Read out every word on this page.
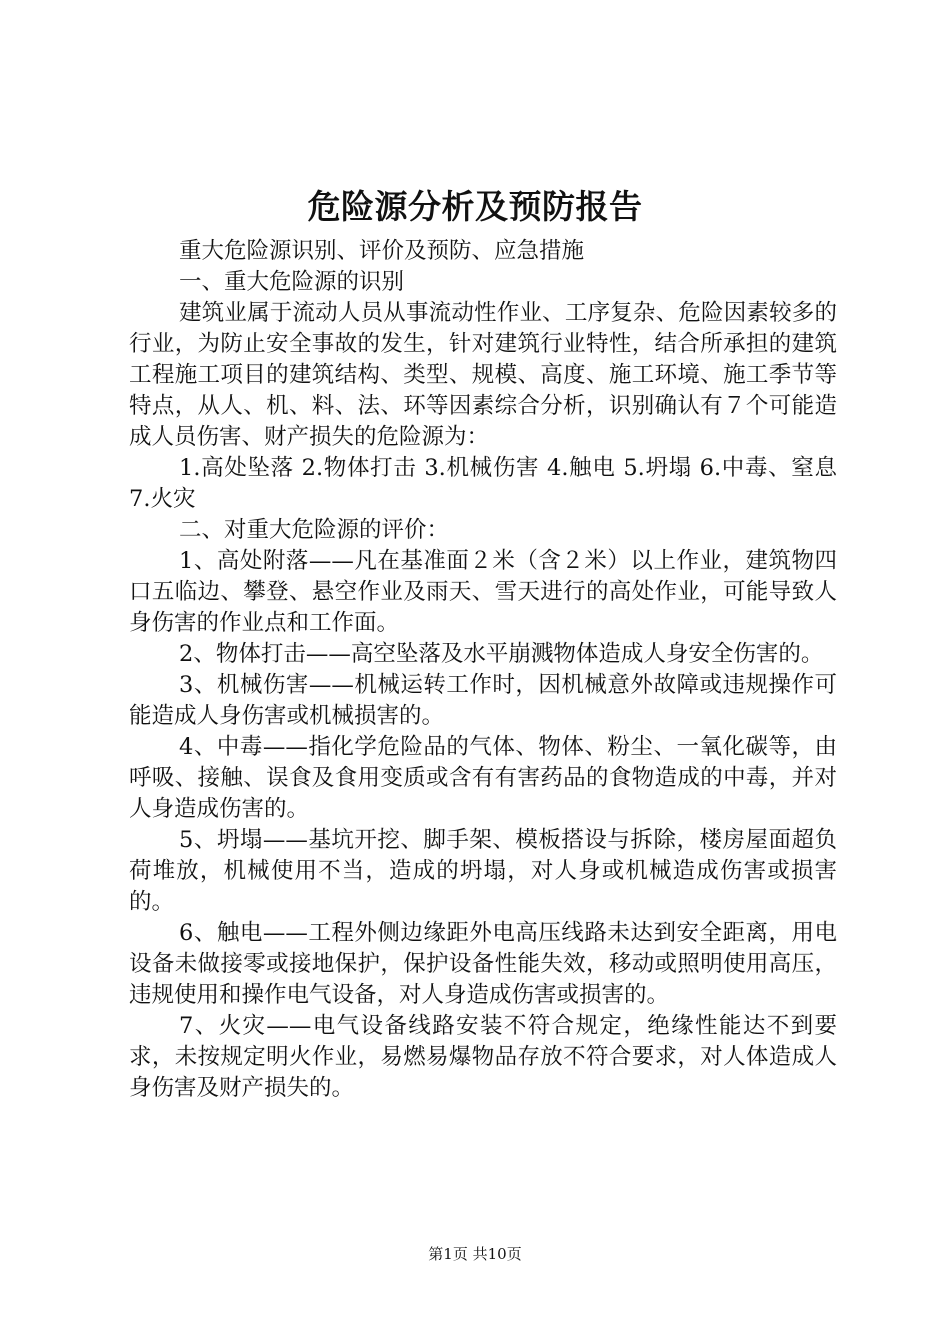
危险源分析及预防报告

重大危险源识别、评价及预防、应急措施

一、重大危险源的识别

建筑业属于流动人员从事流动性作业、工序复杂、危险因素较多的行业，为防止安全事故的发生，针对建筑行业特性，结合所承担的建筑工程施工项目的建筑结构、类型、规模、高度、施工环境、施工季节等特点，从人、机、料、法、环等因素综合分析，识别确认有７个可能造成人员伤害、财产损失的危险源为：

1.高处坠落 2.物体打击 3.机械伤害 4.触电 5.坍塌 6.中毒、窒息 7.火灾

二、对重大危险源的评价：

1、高处附落——凡在基准面２米（含２米）以上作业，建筑物四口五临边、攀登、悬空作业及雨天、雪天进行的高处作业，可能导致人身伤害的作业点和工作面。

2、物体打击——高空坠落及水平崩溅物体造成人身安全伤害的。

3、机械伤害——机械运转工作时，因机械意外故障或违规操作可能造成人身伤害或机械损害的。

4、中毒——指化学危险品的气体、物体、粉尘、一氧化碳等，由呼吸、接触、误食及食用变质或含有有害药品的食物造成的中毒，并对人身造成伤害的。

5、坍塌——基坑开挖、脚手架、模板搭设与拆除，楼房屋面超负荷堆放，机械使用不当，造成的坍塌，对人身或机械造成伤害或损害的。

6、触电——工程外侧边缘距外电高压线路未达到安全距离，用电设备未做接零或接地保护，保护设备性能失效，移动或照明使用高压，违规使用和操作电气设备，对人身造成伤害或损害的。

7、火灾——电气设备线路安装不符合规定，绝缘性能达不到要求，未按规定明火作业，易燃易爆物品存放不符合要求，对人体造成人身伤害及财产损失的。

第1页 共10页
